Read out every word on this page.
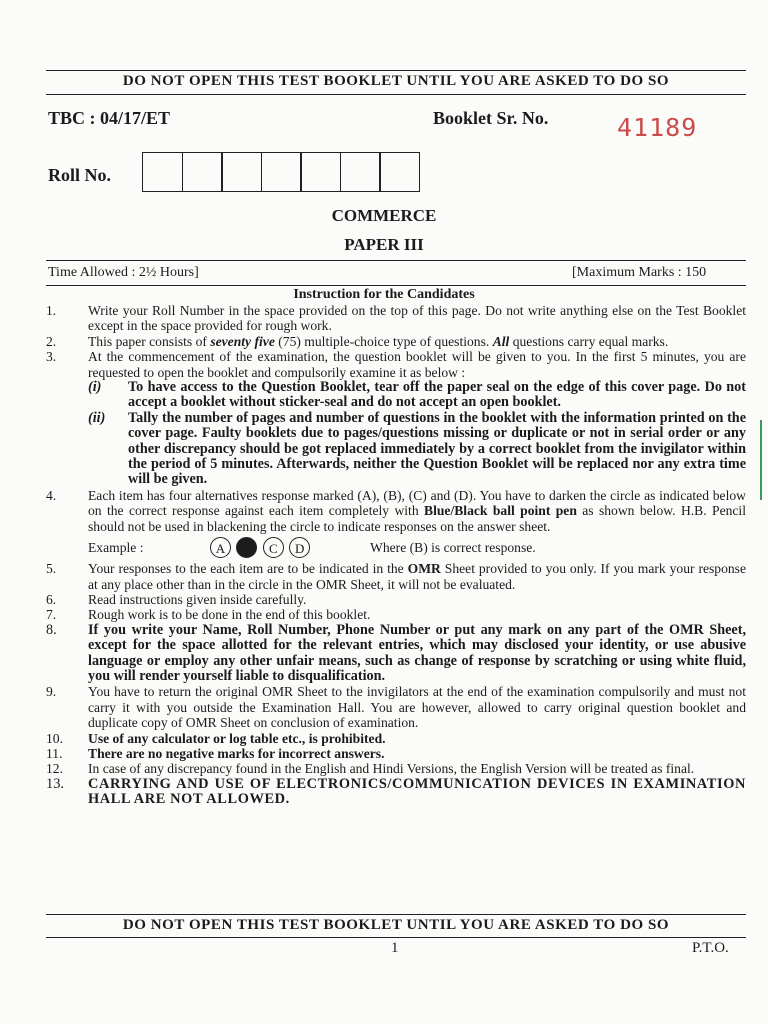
DO NOT OPEN THIS TEST BOOKLET UNTIL YOU ARE ASKED TO DO SO
TBC : 04/17/ET	Booklet Sr. No.	41189
Roll No.
COMMERCE
PAPER III
Time Allowed : 2½ Hours]	[Maximum Marks : 150
Instruction for the Candidates
1. Write your Roll Number in the space provided on the top of this page. Do not write anything else on the Test Booklet except in the space provided for rough work.
2. This paper consists of seventy five (75) multiple-choice type of questions. All questions carry equal marks.
3. At the commencement of the examination, the question booklet will be given to you. In the first 5 minutes, you are requested to open the booklet and compulsorily examine it as below :
(i) To have access to the Question Booklet, tear off the paper seal on the edge of this cover page. Do not accept a booklet without sticker-seal and do not accept an open booklet.
(ii) Tally the number of pages and number of questions in the booklet with the information printed on the cover page. Faulty booklets due to pages/questions missing or duplicate or not in serial order or any other discrepancy should be got replaced immediately by a correct booklet from the invigilator within the period of 5 minutes. Afterwards, neither the Question Booklet will be replaced nor any extra time will be given.
4. Each item has four alternatives response marked (A), (B), (C) and (D). You have to darken the circle as indicated below on the correct response against each item completely with Blue/Black ball point pen as shown below. H.B. Pencil should not be used in blackening the circle to indicate responses on the answer sheet.
Example :	A	C D	Where (B) is correct response.
5. Your responses to the each item are to be indicated in the OMR Sheet provided to you only. If you mark your response at any place other than in the circle in the OMR Sheet, it will not be evaluated.
6. Read instructions given inside carefully.
7. Rough work is to be done in the end of this booklet.
8. If you write your Name, Roll Number, Phone Number or put any mark on any part of the OMR Sheet, except for the space allotted for the relevant entries, which may disclosed your identity, or use abusive language or employ any other unfair means, such as change of response by scratching or using white fluid, you will render yourself liable to disqualification.
9. You have to return the original OMR Sheet to the invigilators at the end of the examination compulsorily and must not carry it with you outside the Examination Hall. You are however, allowed to carry original question booklet and duplicate copy of OMR Sheet on conclusion of examination.
10. Use of any calculator or log table etc., is prohibited.
11. There are no negative marks for incorrect answers.
12. In case of any discrepancy found in the English and Hindi Versions, the English Version will be treated as final.
13. CARRYING AND USE OF ELECTRONICS/COMMUNICATION DEVICES IN EXAMINATION HALL ARE NOT ALLOWED.
DO NOT OPEN THIS TEST BOOKLET UNTIL YOU ARE ASKED TO DO SO
1	P.T.O.
